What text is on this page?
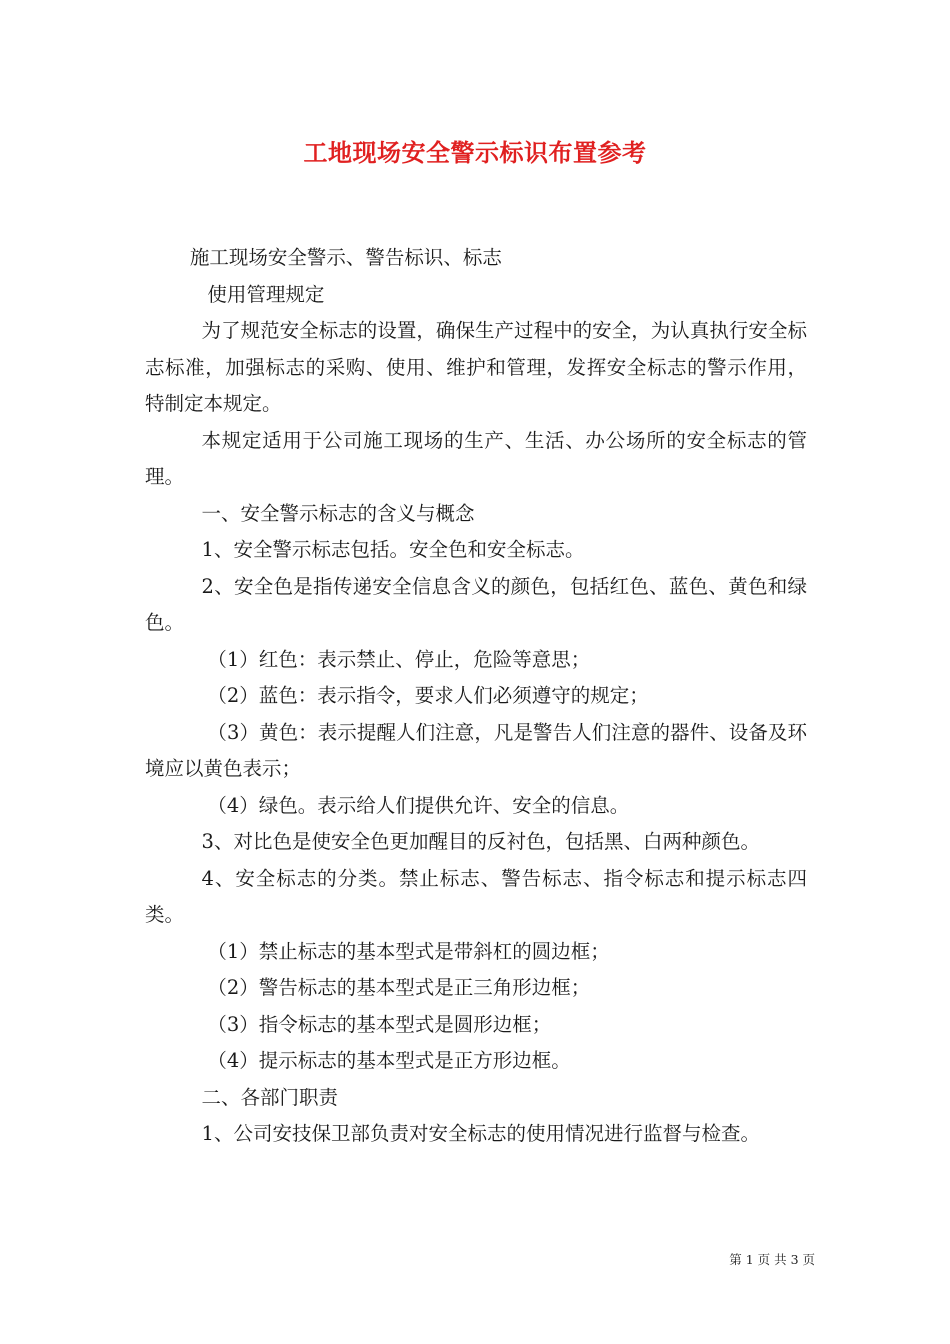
工地现场安全警示标识布置参考

施工现场安全警示、警告标识、标志

使用管理规定

为了规范安全标志的设置，确保生产过程中的安全，为认真执行安全标志标准，加强标志的采购、使用、维护和管理，发挥安全标志的警示作用，特制定本规定。

本规定适用于公司施工现场的生产、生活、办公场所的安全标志的管理。

一、安全警示标志的含义与概念

1、安全警示标志包括。安全色和安全标志。

2、安全色是指传递安全信息含义的颜色，包括红色、蓝色、黄色和绿色。

（1）红色：表示禁止、停止，危险等意思；

（2）蓝色：表示指令，要求人们必须遵守的规定；

（3）黄色：表示提醒人们注意，凡是警告人们注意的器件、设备及环境应以黄色表示；

（4）绿色。表示给人们提供允许、安全的信息。

3、对比色是使安全色更加醒目的反衬色，包括黑、白两种颜色。

4、安全标志的分类。禁止标志、警告标志、指令标志和提示标志四类。

（1）禁止标志的基本型式是带斜杠的圆边框；

（2）警告标志的基本型式是正三角形边框；

（3）指令标志的基本型式是圆形边框；

（4）提示标志的基本型式是正方形边框。

二、各部门职责

1、公司安技保卫部负责对安全标志的使用情况进行监督与检查。

第 1 页 共 3 页
